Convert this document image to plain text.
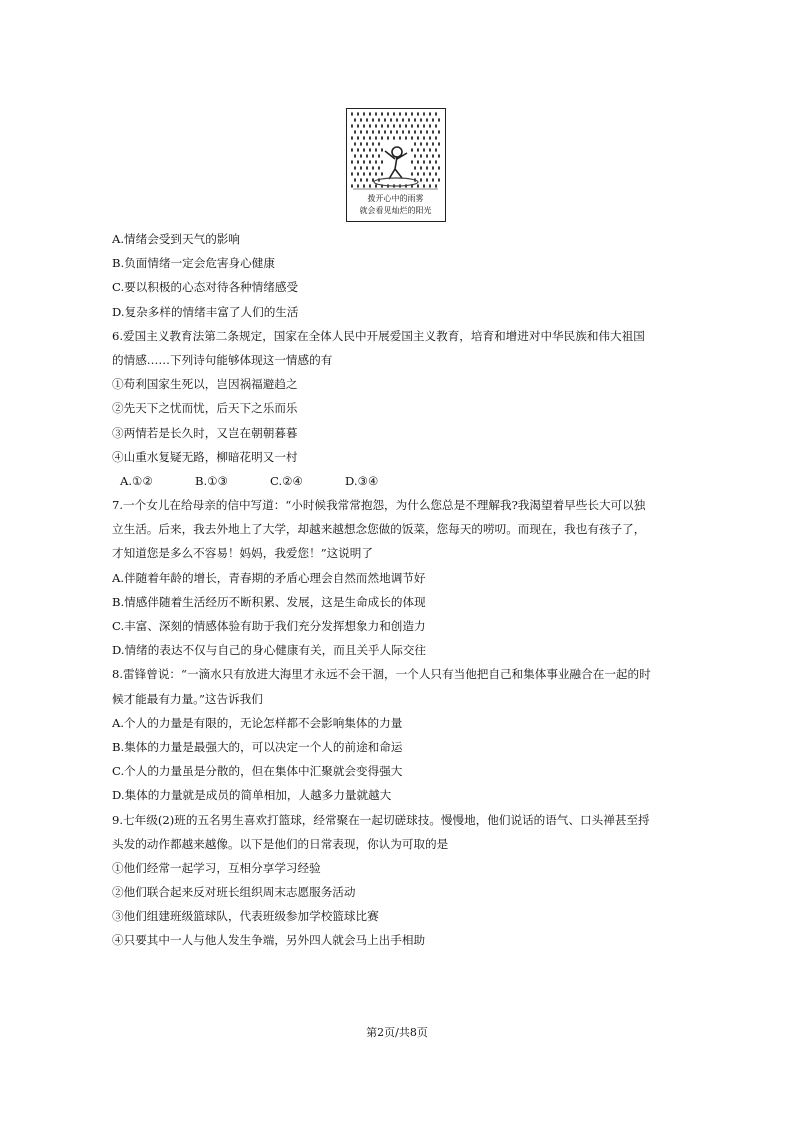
拨开心中的雨雾
就会看见灿烂的阳光
A.情绪会受到天气的影响
B.负面情绪一定会危害身心健康
C.要以积极的心态对待各种情绪感受
D.复杂多样的情绪丰富了人们的生活
6.爱国主义教育法第二条规定，国家在全体人民中开展爱国主义教育，培育和增进对中华民族和伟大祖国
的情感……下列诗句能够体现这一情感的有
①苟利国家生死以，岂因祸福避趋之
②先天下之忧而忧，后天下之乐而乐
③两情若是长久时，又岂在朝朝暮暮
④山重水复疑无路，柳暗花明又一村
A.①②	B.①③	C.②④	D.③④
7.一个女儿在给母亲的信中写道：“小时候我常常抱怨，为什么您总是不理解我?我渴望着早些长大可以独
立生活。后来，我去外地上了大学，却越来越想念您做的饭菜，您每天的唠叨。而现在，我也有孩子了，
才知道您是多么不容易！妈妈，我爱您！”这说明了
A.伴随着年龄的增长，青春期的矛盾心理会自然而然地调节好
B.情感伴随着生活经历不断积累、发展，这是生命成长的体现
C.丰富、深刻的情感体验有助于我们充分发挥想象力和创造力
D.情绪的表达不仅与自己的身心健康有关，而且关乎人际交往
8.雷锋曾说：“一滴水只有放进大海里才永远不会干涸，一个人只有当他把自己和集体事业融合在一起的时
候才能最有力量。”这告诉我们
A.个人的力量是有限的，无论怎样都不会影响集体的力量
B.集体的力量是最强大的，可以决定一个人的前途和命运
C.个人的力量虽是分散的，但在集体中汇聚就会变得强大
D.集体的力量就是成员的简单相加，人越多力量就越大
9.七年级(2)班的五名男生喜欢打篮球，经常聚在一起切磋球技。慢慢地，他们说话的语气、口头禅甚至捋
头发的动作都越来越像。以下是他们的日常表现，你认为可取的是
①他们经常一起学习，互相分享学习经验
②他们联合起来反对班长组织周末志愿服务活动
③他们组建班级篮球队，代表班级参加学校篮球比赛
④只要其中一人与他人发生争端，另外四人就会马上出手相助
第2页/共8页
